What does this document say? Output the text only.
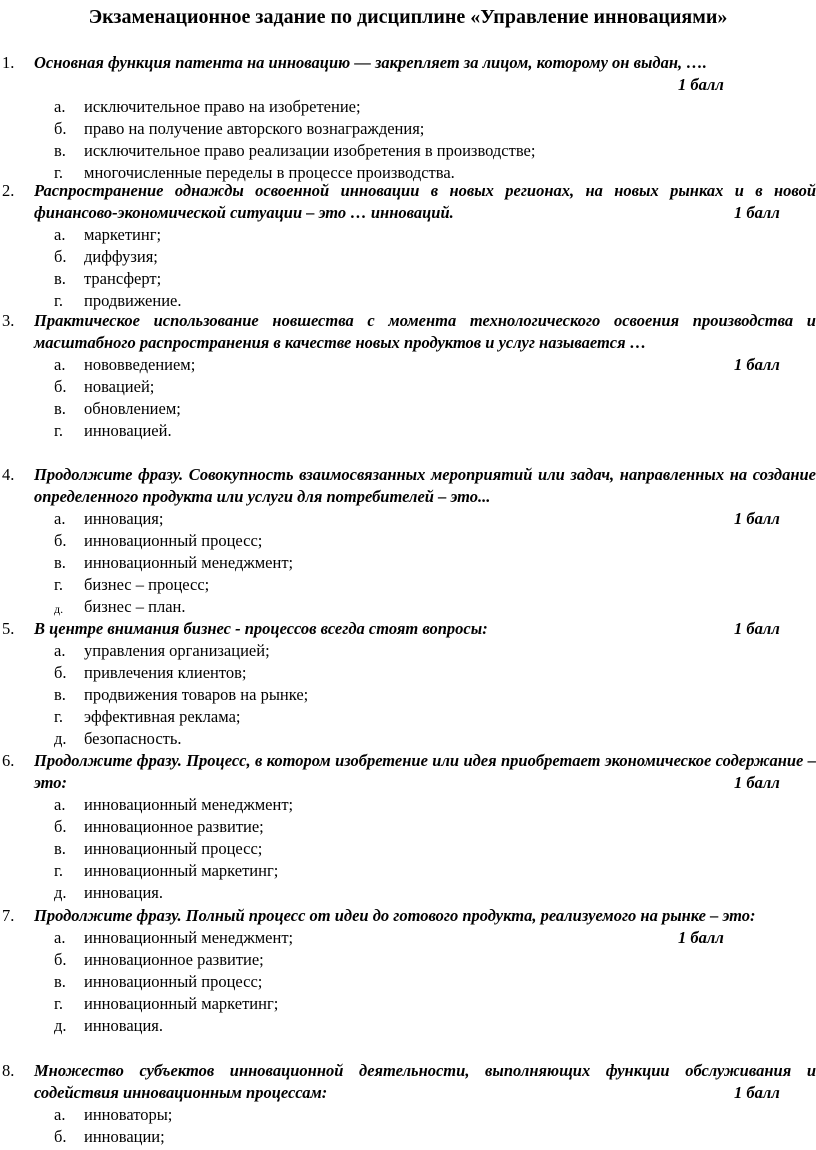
Экзаменационное задание по дисциплине «Управление инновациями»
1. Основная функция патента на инновацию — закрепляет за лицом, которому он выдан, ….
1 балл
а. исключительное право на изобретение;
б. право на получение авторского вознаграждения;
в. исключительное право реализации изобретения в производстве;
г. многочисленные переделы в процессе производства.
2. Распространение однажды освоенной инновации в новых регионах, на новых рынках и в новой финансово-экономической ситуации – это … инноваций.	1 балл
а. маркетинг;
б. диффузия;
в. трансферт;
г. продвижение.
3. Практическое использование новшества с момента технологического освоения производства и масштабного распространения в качестве новых продуктов и услуг называется …
1 балл
а. нововведением;
б. новацией;
в. обновлением;
г. инновацией.
4. Продолжите фразу. Совокупность взаимосвязанных мероприятий или задач, направленных на создание определенного продукта или услуги для потребителей – это...
а. инновация;	1 балл
б. инновационный процесс;
в. инновационный менеджмент;
г. бизнес – процесс;
д. бизнес – план.
5. В центре внимания бизнес - процессов всегда стоят вопросы:	1 балл
а. управления организацией;
б. привлечения клиентов;
в. продвижения товаров на рынке;
г. эффективная реклама;
д. безопасность.
6. Продолжите фразу. Процесс, в котором изобретение или идея приобретает экономическое содержание – это:	1 балл
а. инновационный менеджмент;
б. инновационное развитие;
в. инновационный процесс;
г. инновационный маркетинг;
д. инновация.
7. Продолжите фразу. Полный процесс от идеи до готового продукта, реализуемого на рынке – это:
1 балл
а. инновационный менеджмент;
б. инновационное развитие;
в. инновационный процесс;
г. инновационный маркетинг;
д. инновация.
8. Множество субъектов инновационной деятельности, выполняющих функции обслуживания и содействия инновационным процессам:	1 балл
а. инноваторы;
б. инновации;
